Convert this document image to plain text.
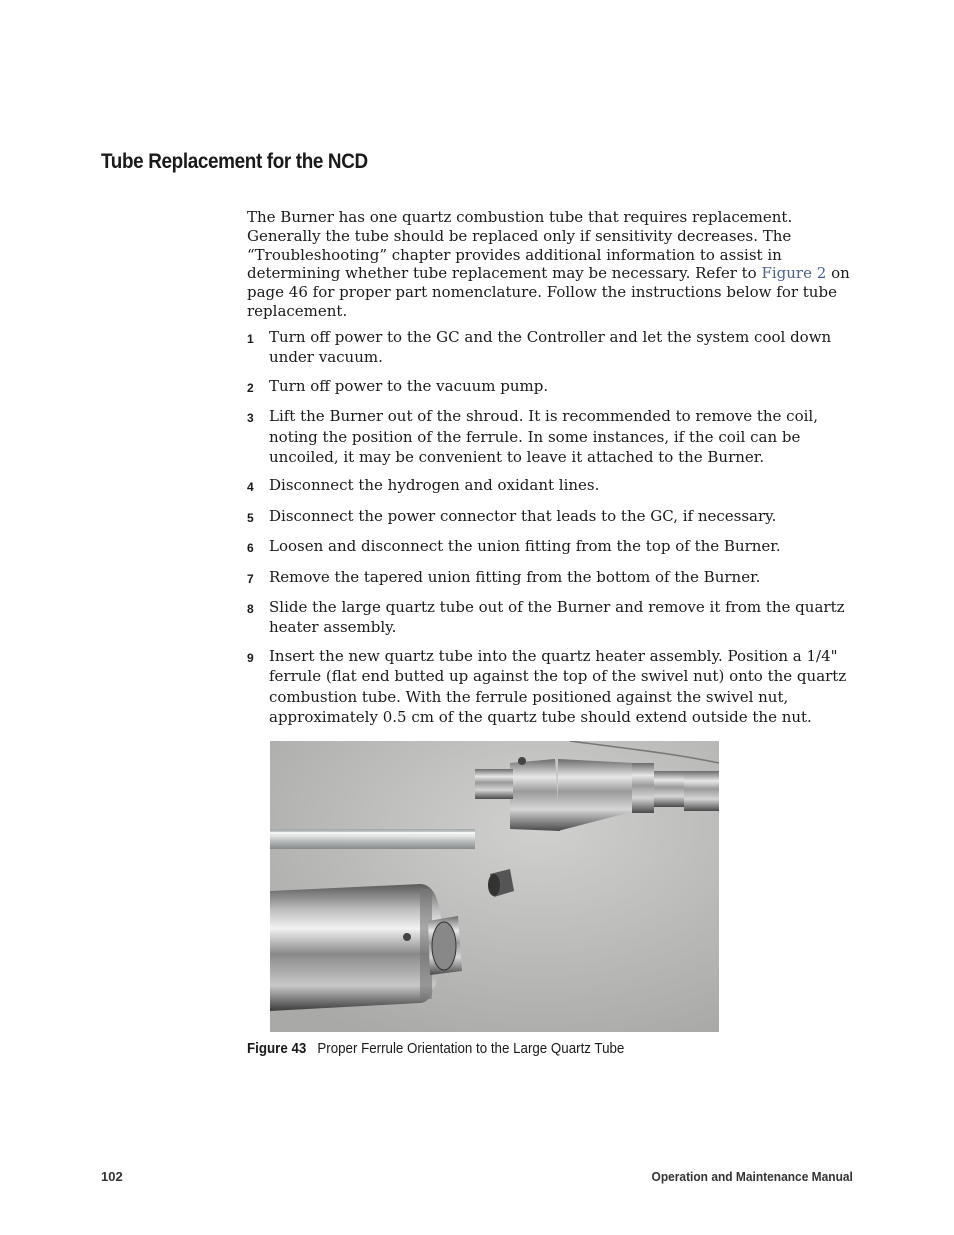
Tube Replacement for the NCD

The Burner has one quartz combustion tube that requires replacement. Generally the tube should be replaced only if sensitivity decreases. The “Troubleshooting” chapter provides additional information to assist in determining whether tube replacement may be necessary. Refer to Figure 2 on page 46 for proper part nomenclature. Follow the instructions below for tube replacement.

1	Turn off power to the GC and the Controller and let the system cool down under vacuum.
2	Turn off power to the vacuum pump.
3	Lift the Burner out of the shroud. It is recommended to remove the coil, noting the position of the ferrule. In some instances, if the coil can be uncoiled, it may be convenient to leave it attached to the Burner.
4	Disconnect the hydrogen and oxidant lines.
5	Disconnect the power connector that leads to the GC, if necessary.
6	Loosen and disconnect the union fitting from the top of the Burner.
7	Remove the tapered union fitting from the bottom of the Burner.
8	Slide the large quartz tube out of the Burner and remove it from the quartz heater assembly.
9	Insert the new quartz tube into the quartz heater assembly. Position a 1/4" ferrule (flat end butted up against the top of the swivel nut) onto the quartz combustion tube. With the ferrule positioned against the swivel nut, approximately 0.5 cm of the quartz tube should extend outside the nut.
Figure 43 Proper Ferrule Orientation to the Large Quartz Tube
102	Operation and Maintenance Manual
